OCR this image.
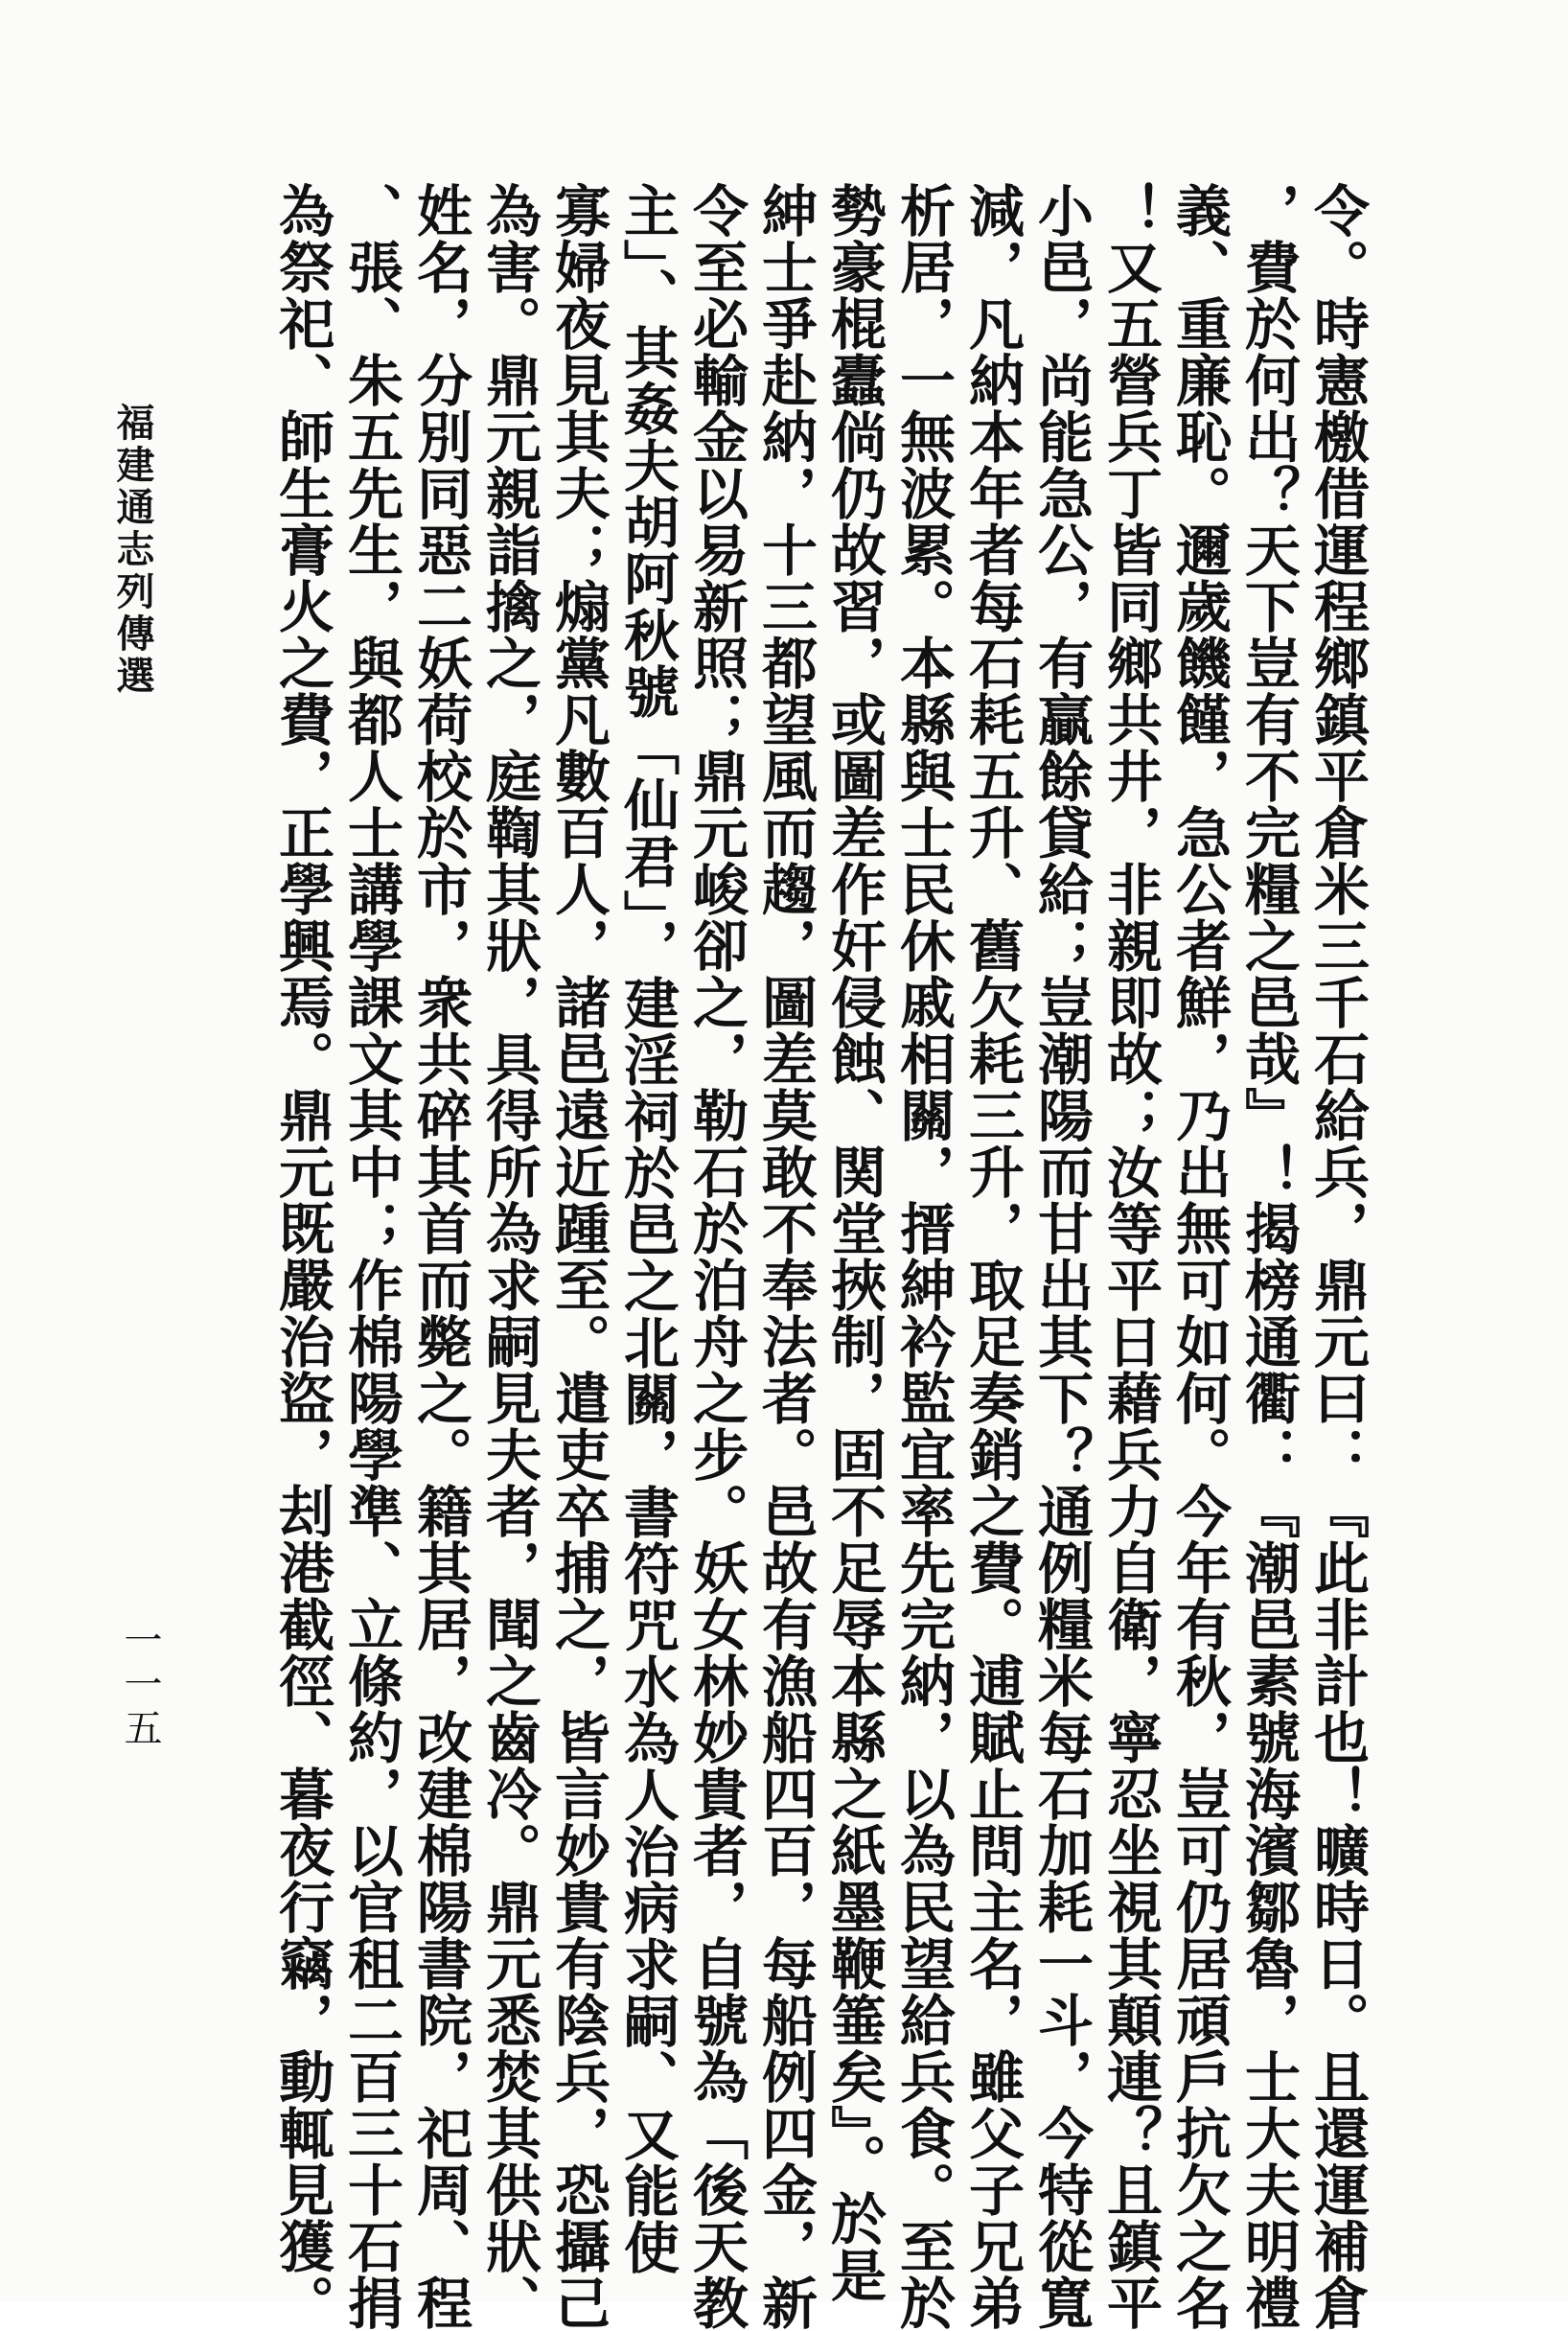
令。時憲檄借運程鄉鎮平倉米三千石給兵，鼎元曰：『此非計也！曠時日。且還運補倉
，費於何出？天下豈有不完糧之邑哉』！揭榜通衢：『潮邑素號海濱鄒魯，士大夫明禮
義、重廉恥。邇歲饑饉，急公者鮮，乃出無可如何。今年有秋，豈可仍居頑戶抗欠之名
！又五營兵丁皆同鄉共井，非親即故；汝等平日藉兵力自衛，寧忍坐視其顛連？且鎮平
小邑，尚能急公，有贏餘貸給；豈潮陽而甘出其下？通例糧米每石加耗一斗，今特從寬
減，凡納本年者每石耗五升、舊欠耗三升，取足奏銷之費。逋賦止問主名，雖父子兄弟
析居，一無波累。本縣與士民休戚相關，搢紳衿監宜率先完納，以為民望給兵食。至於
勢豪棍蠹倘仍故習，或圖差作奸侵蝕、関堂挾制，固不足辱本縣之紙墨鞭箠矣』。於是
紳士爭赴納，十三都望風而趨，圖差莫敢不奉法者。邑故有漁船四百，每船例四金，新
令至必輸金以易新照；鼎元峻卻之，勒石於泊舟之步。妖女林妙貴者，自號為「後天教
主」、其姦夫胡阿秋號「仙君」，建淫祠於邑之北關，書符咒水為人治病求嗣、又能使
寡婦夜見其夫；煽黨凡數百人，諸邑遠近踵至。遣吏卒捕之，皆言妙貴有陰兵，恐攝己
為害。鼎元親詣擒之，庭鞫其狀，具得所為求嗣見夫者，聞之齒冷。鼎元悉焚其供狀、
姓名，分別同惡二妖荷校於市，衆共碎其首而斃之。籍其居，改建棉陽書院，祀周、程
、張、朱五先生，與都人士講學課文其中；作棉陽學準、立條約，以官租二百三十石捐
為祭祀、師生膏火之費，正學興焉。鼎元既嚴治盜，刦港截徑、暮夜行竊，動輒見獲。
福建通志列傳選
一一五
